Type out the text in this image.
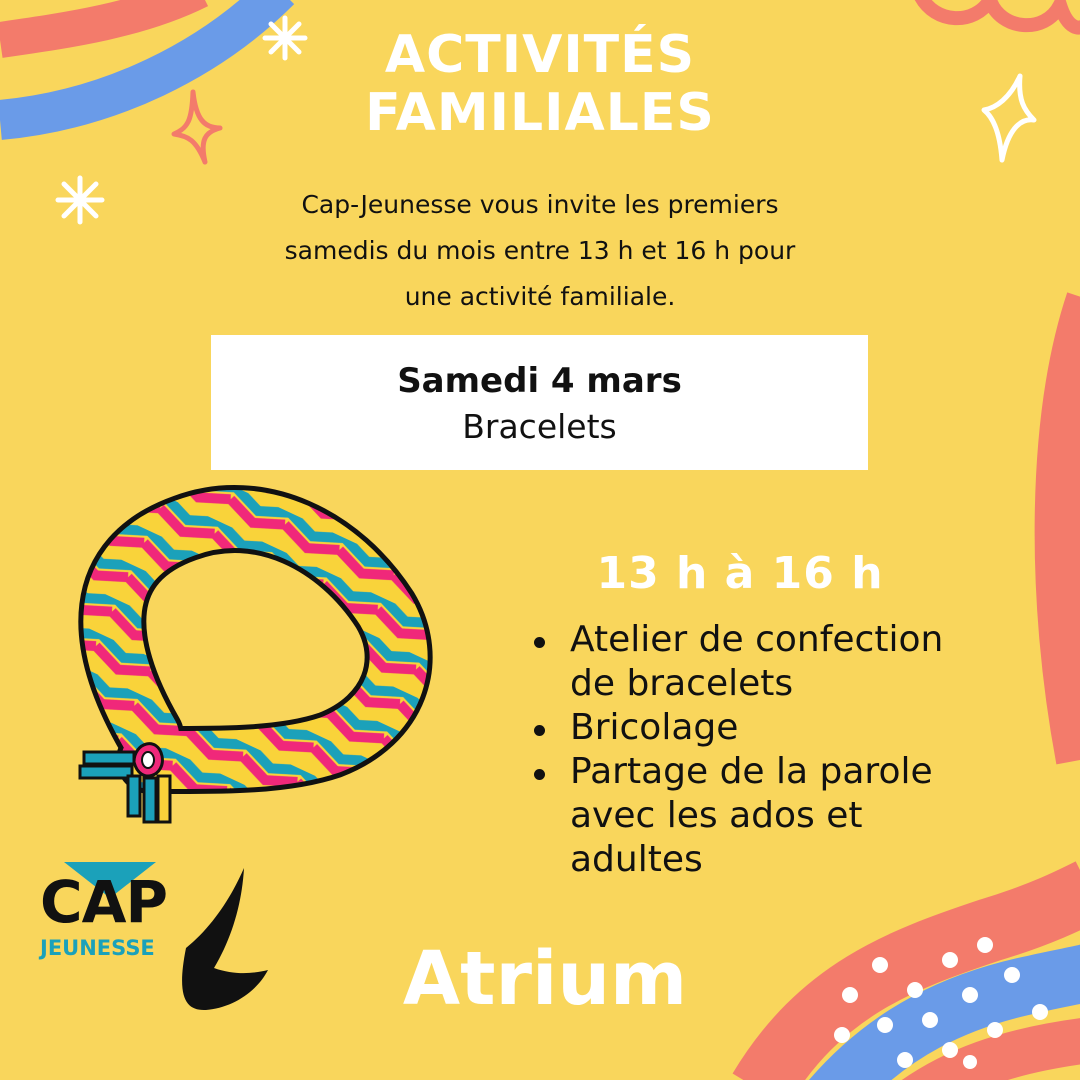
ACTIVITÉS
FAMILIALES
Cap-Jeunesse vous invite les premiers
samedis du mois entre 13 h et 16 h pour
une activité familiale.
Samedi 4 mars
Bracelets
13 h à 16 h
Atelier de confection
de bracelets
Bricolage
Partage de la parole
avec les ados et
adultes
CAP
JEUNESSE	Atrium
